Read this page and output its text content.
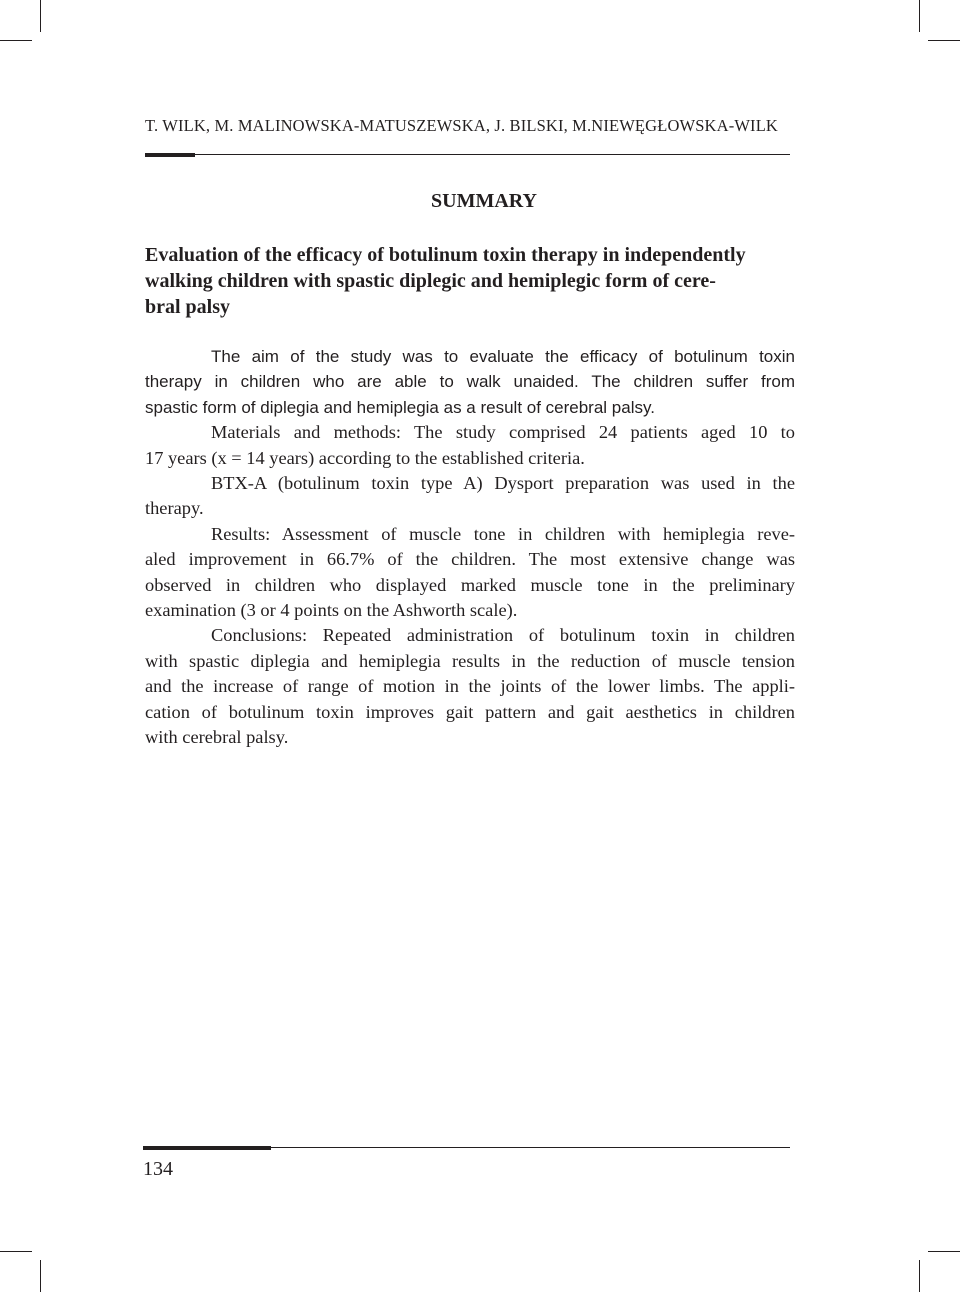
T. WILK, M. MALINOWSKA-MATUSZEWSKA, J. BILSKI, M.NIEWĘGŁOWSKA-WILK
SUMMARY
Evaluation of the efficacy of botulinum toxin therapy in independently
walking children with spastic diplegic and hemiplegic form of cere-
bral palsy
The aim of the study was to evaluate the efficacy of botulinum toxin
therapy in children who are able to walk unaided. The children suffer from
spastic form of diplegia and hemiplegia as a result of cerebral palsy.
Materials and methods: The study comprised 24 patients aged 10 to
17 years (x = 14 years) according to the established criteria.
BTX-A (botulinum toxin type A) Dysport preparation was used in the
therapy.
Results: Assessment of muscle tone in children with hemiplegia reve-
aled improvement in 66.7% of the children. The most extensive change was
observed in children who displayed marked muscle tone in the preliminary
examination (3 or 4 points on the Ashworth scale).
Conclusions: Repeated administration of botulinum toxin in children
with spastic diplegia and hemiplegia results in the reduction of muscle tension
and the increase of range of motion in the joints of the lower limbs. The appli-
cation of botulinum toxin improves gait pattern and gait aesthetics in children
with cerebral palsy.
134
